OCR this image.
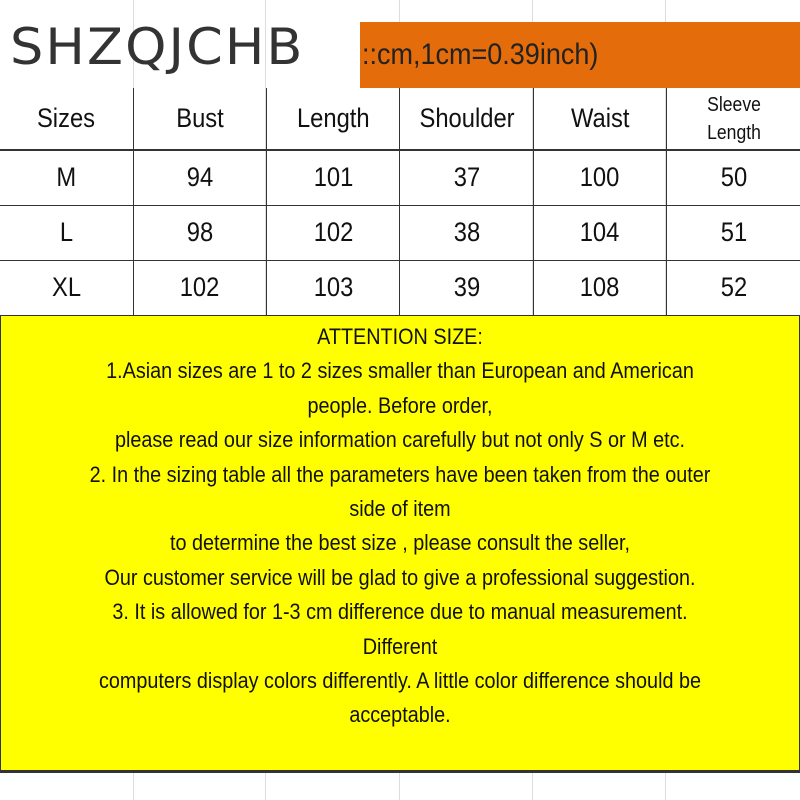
SHZQJCHB ::cm,1cm=0.39inch)
Sizes	Bust	Length	Shoulder	Waist	Sleeve Length
M	94	101	37	100	50
L	98	102	38	104	51
XL	102	103	39	108	52
ATTENTION SIZE:
1.Asian sizes are 1 to 2 sizes smaller than European and American
people. Before order,
please read our size information carefully but not only S or M etc.
2. In the sizing table all the parameters have been taken from the outer
side of item
to determine the best size , please consult the seller,
Our customer service will be glad to give a professional suggestion.
3. It is allowed for 1-3 cm difference due to manual measurement.
Different
computers display colors differently. A little color difference should be
acceptable.
